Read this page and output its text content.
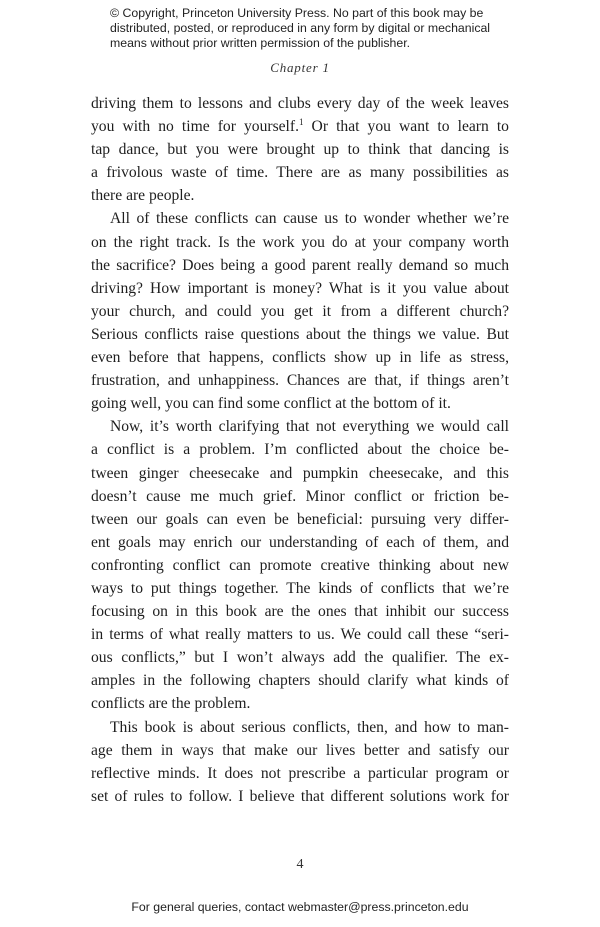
© Copyright, Princeton University Press. No part of this book may be
distributed, posted, or reproduced in any form by digital or mechanical
means without prior written permission of the publisher.
Chapter 1
driving them to lessons and clubs every day of the week leaves
you with no time for yourself.$^1$ Or that you want to learn to
tap dance, but you were brought up to think that dancing is
a frivolous waste of time. There are as many possibilities as
there are people.
All of these conflicts can cause us to wonder whether we’re
on the right track. Is the work you do at your company worth
the sacrifice? Does being a good parent really demand so much
driving? How important is money? What is it you value about
your church, and could you get it from a different church?
Serious conflicts raise questions about the things we value. But
even before that happens, conflicts show up in life as stress,
frustration, and unhappiness. Chances are that, if things aren’t
going well, you can find some conflict at the bottom of it.
Now, it’s worth clarifying that not everything we would call
a conflict is a problem. I’m conflicted about the choice be-
tween ginger cheesecake and pumpkin cheesecake, and this
doesn’t cause me much grief. Minor conflict or friction be-
tween our goals can even be beneficial: pursuing very differ-
ent goals may enrich our understanding of each of them, and
confronting conflict can promote creative thinking about new
ways to put things together. The kinds of conflicts that we’re
focusing on in this book are the ones that inhibit our success
in terms of what really matters to us. We could call these “seri-
ous conflicts,” but I won’t always add the qualifier. The ex-
amples in the following chapters should clarify what kinds of
conflicts are the problem.
This book is about serious conflicts, then, and how to man-
age them in ways that make our lives better and satisfy our
reflective minds. It does not prescribe a particular program or
set of rules to follow. I believe that different solutions work for
4
For general queries, contact webmaster@press.princeton.edu
